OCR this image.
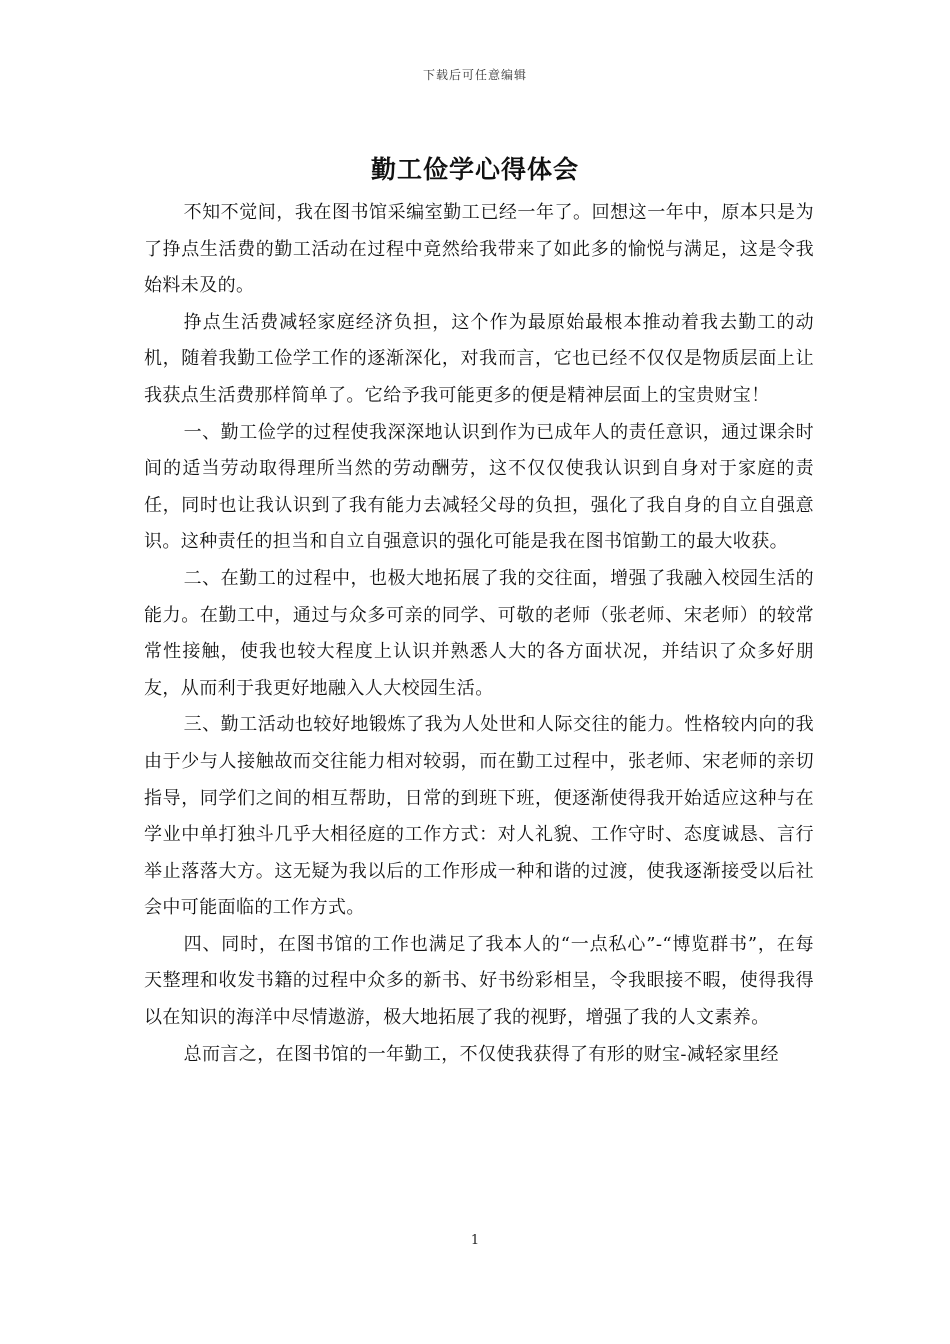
下载后可任意编辑
勤工俭学心得体会

不知不觉间，我在图书馆采编室勤工已经一年了。回想这一年中，原本只是为了挣点生活费的勤工活动在过程中竟然给我带来了如此多的愉悦与满足，这是令我始料未及的。

挣点生活费减轻家庭经济负担，这个作为最原始最根本推动着我去勤工的动机，随着我勤工俭学工作的逐渐深化，对我而言，它也已经不仅仅是物质层面上让我获点生活费那样简单了。它给予我可能更多的便是精神层面上的宝贵财宝！

一、勤工俭学的过程使我深深地认识到作为已成年人的责任意识，通过课余时间的适当劳动取得理所当然的劳动酬劳，这不仅仅使我认识到自身对于家庭的责任，同时也让我认识到了我有能力去减轻父母的负担，强化了我自身的自立自强意识。这种责任的担当和自立自强意识的强化可能是我在图书馆勤工的最大收获。

二、在勤工的过程中，也极大地拓展了我的交往面，增强了我融入校园生活的能力。在勤工中，通过与众多可亲的同学、可敬的老师（张老师、宋老师）的较常常性接触，使我也较大程度上认识并熟悉人大的各方面状况，并结识了众多好朋友，从而利于我更好地融入人大校园生活。

三、勤工活动也较好地锻炼了我为人处世和人际交往的能力。性格较内向的我由于少与人接触故而交往能力相对较弱，而在勤工过程中，张老师、宋老师的亲切指导，同学们之间的相互帮助，日常的到班下班，便逐渐使得我开始适应这种与在学业中单打独斗几乎大相径庭的工作方式：对人礼貌、工作守时、态度诚恳、言行举止落落大方。这无疑为我以后的工作形成一种和谐的过渡，使我逐渐接受以后社会中可能面临的工作方式。

四、同时，在图书馆的工作也满足了我本人的“一点私心”-“博览群书”，在每天整理和收发书籍的过程中众多的新书、好书纷彩相呈，令我眼接不暇，使得我得以在知识的海洋中尽情遨游，极大地拓展了我的视野，增强了我的人文素养。

总而言之，在图书馆的一年勤工，不仅使我获得了有形的财宝-减轻家里经

1
